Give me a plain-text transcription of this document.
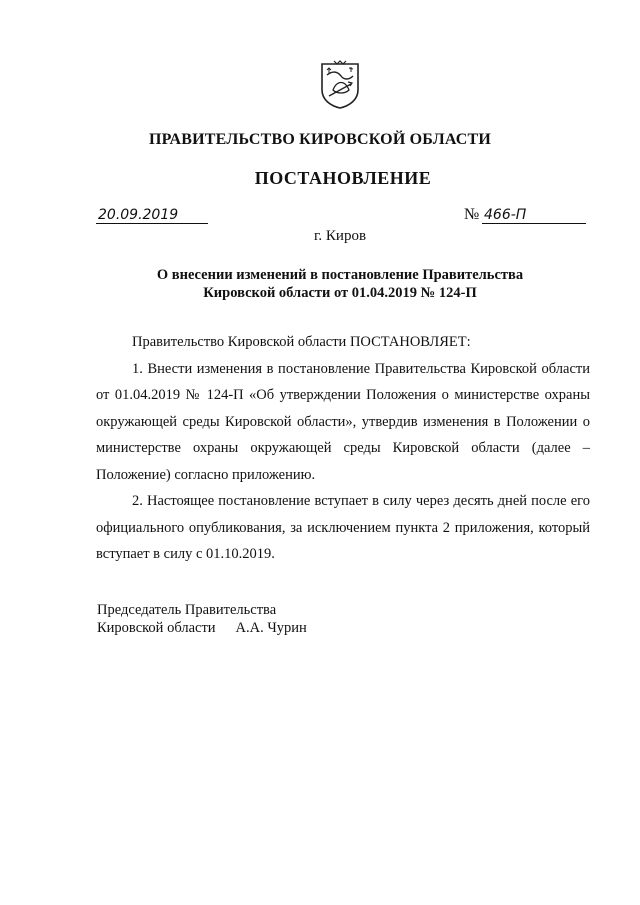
ПРАВИТЕЛЬСТВО КИРОВСКОЙ ОБЛАСТИ
ПОСТАНОВЛЕНИЕ
20.09.2019	№ 466-П
г. Киров
О внесении изменений в постановление Правительства
Кировской области от 01.04.2019 № 124-П

Правительство Кировской области ПОСТАНОВЛЯЕТ:

1. Внести изменения в постановление Правительства Кировской области от 01.04.2019 № 124-П «Об утверждении Положения о министерстве охраны окружающей среды Кировской области», утвердив изменения в Положении о министерстве охраны окружающей среды Кировской области (далее – Положение) согласно приложению.

2. Настоящее постановление вступает в силу через десять дней после его официального опубликования, за исключением пункта 2 приложения, который вступает в силу с 01.10.2019.

Председатель Правительства
Кировской области А.А. Чурин
